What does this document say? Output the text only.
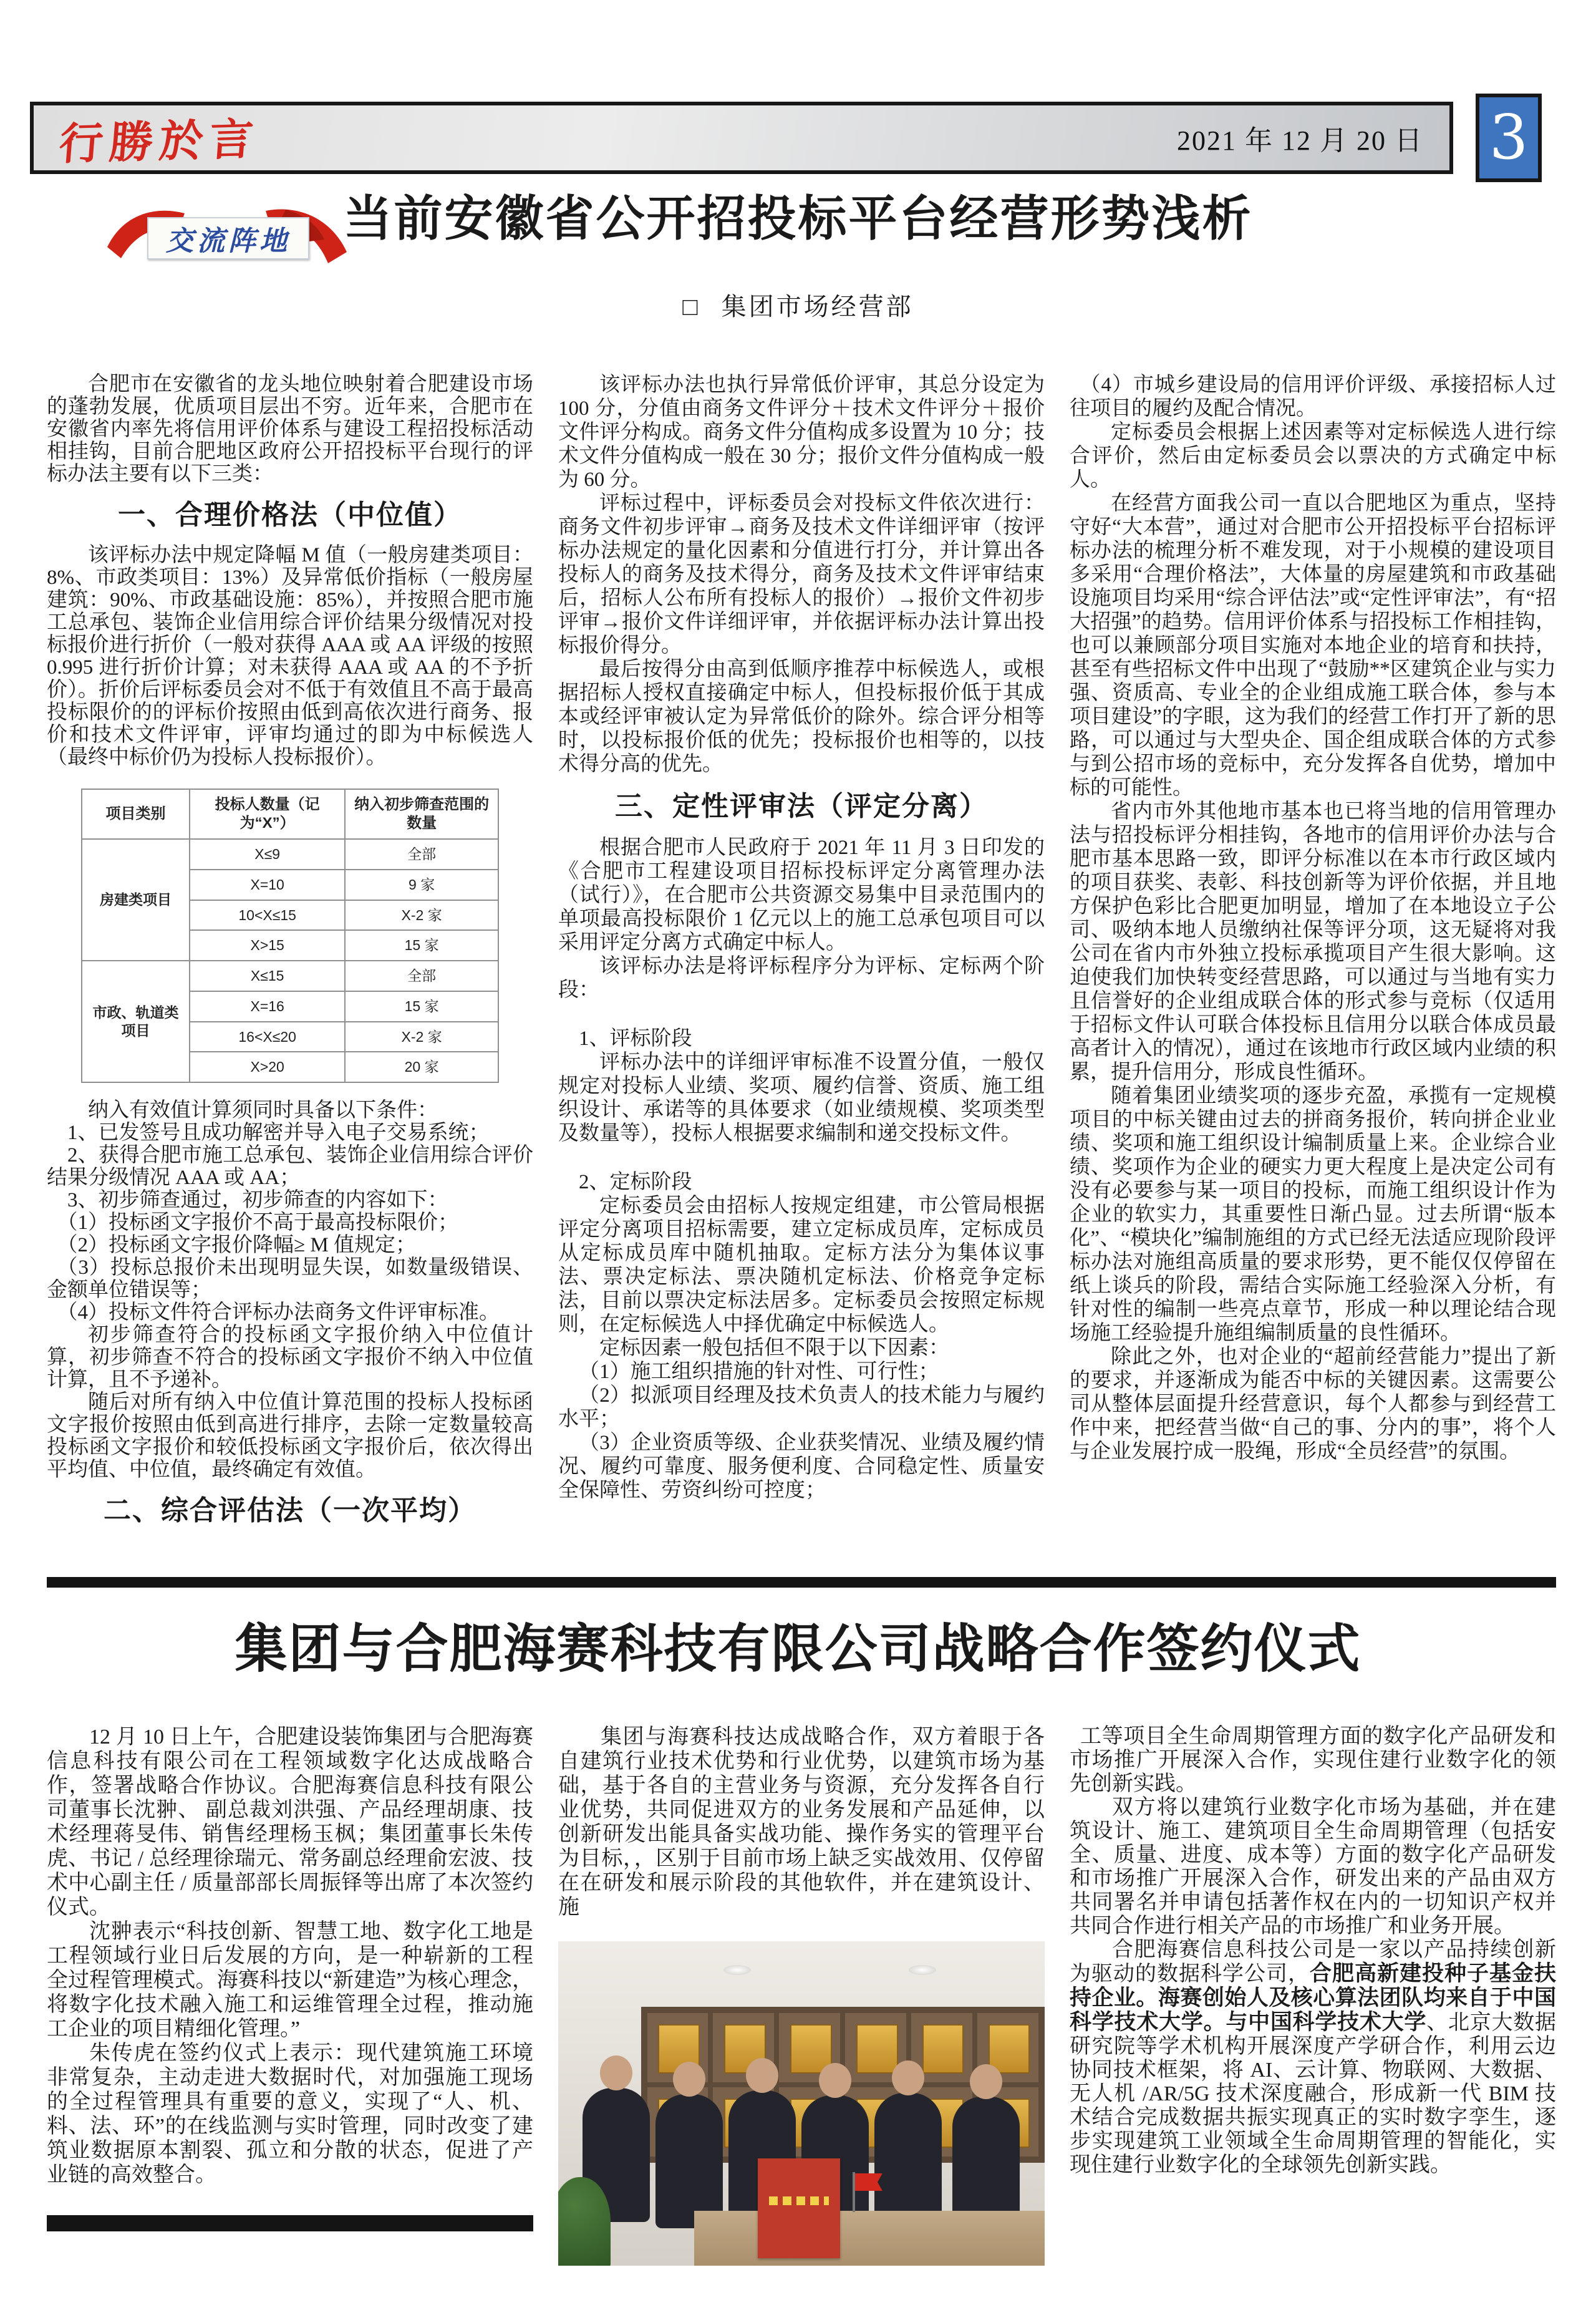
行勝於言	2021 年 12 月 20 日 3
当前安徽省公开招投标平台经营形势浅析
交流阵地
□ 集团市场经营部

合肥市在安徽省的龙头地位映射着合肥建设市场的蓬勃发展，优质项目层出不穷。近年来，合肥市在安徽省内率先将信用评价体系与建设工程招投标活动相挂钩，目前合肥地区政府公开招投标平台现行的评标办法主要有以下三类：

一、合理价格法（中位值）

该评标办法中规定降幅 M 值（一般房建类项目：8%、市政类项目：13%）及异常低价指标（一般房屋建筑：90%、市政基础设施：85%），并按照合肥市施工总承包、装饰企业信用综合评价结果分级情况对投标报价进行折价（一般对获得 AAA 或 AA 评级的按照 0.995 进行折价计算；对未获得 AAA 或 AA 的不予折价）。折价后评标委员会对不低于有效值且不高于最高投标限价的的评标价按照由低到高依次进行商务、报价和技术文件评审，评审均通过的即为中标候选人（最终中标价仍为投标人投标报价）。

项目类别	投标人数量（记为“X”）	纳入初步筛查范围的数量
房建类项目	X≤9	全部
	X=10	9 家
	10<X≤15	X-2 家
	X>15	15 家
市政、轨道类项目	X≤15	全部
	X=16	15 家
	16<X≤20	X-2 家
	X>20	20 家

纳入有效值计算须同时具备以下条件：

1、已发签号且成功解密并导入电子交易系统；

2、获得合肥市施工总承包、装饰企业信用综合评价结果分级情况 AAA 或 AA；

3、初步筛查通过，初步筛查的内容如下：

（1）投标函文字报价不高于最高投标限价；

（2）投标函文字报价降幅≥ M 值规定；

（3）投标总报价未出现明显失误，如数量级错误、金额单位错误等；

（4）投标文件符合评标办法商务文件评审标准。

初步筛查符合的投标函文字报价纳入中位值计算，初步筛查不符合的投标函文字报价不纳入中位值计算，且不予递补。

随后对所有纳入中位值计算范围的投标人投标函文字报价按照由低到高进行排序，去除一定数量较高投标函文字报价和较低投标函文字报价后，依次得出平均值、中位值，最终确定有效值。

二、综合评估法（一次平均）

该评标办法也执行异常低价评审，其总分设定为 100 分，分值由商务文件评分＋技术文件评分＋报价文件评分构成。商务文件分值构成多设置为 10 分；技术文件分值构成一般在 30 分；报价文件分值构成一般为 60 分。

评标过程中，评标委员会对投标文件依次进行：商务文件初步评审→商务及技术文件详细评审（按评标办法规定的量化因素和分值进行打分，并计算出各投标人的商务及技术得分，商务及技术文件评审结束后，招标人公布所有投标人的报价）→报价文件初步评审→报价文件详细评审，并依据评标办法计算出投标报价得分。

最后按得分由高到低顺序推荐中标候选人，或根据招标人授权直接确定中标人，但投标报价低于其成本或经评审被认定为异常低价的除外。综合评分相等时，以投标报价低的优先；投标报价也相等的，以技术得分高的优先。

三、定性评审法（评定分离）

根据合肥市人民政府于 2021 年 11 月 3 日印发的《合肥市工程建设项目招标投标评定分离管理办法（试行）》，在合肥市公共资源交易集中目录范围内的单项最高投标限价 1 亿元以上的施工总承包项目可以采用评定分离方式确定中标人。

该评标办法是将评标程序分为评标、定标两个阶段：

1、评标阶段

评标办法中的详细评审标准不设置分值，一般仅规定对投标人业绩、奖项、履约信誉、资质、施工组织设计、承诺等的具体要求（如业绩规模、奖项类型及数量等），投标人根据要求编制和递交投标文件。

2、定标阶段

定标委员会由招标人按规定组建，市公管局根据评定分离项目招标需要，建立定标成员库，定标成员从定标成员库中随机抽取。定标方法分为集体议事法、票决定标法、票决随机定标法、价格竞争定标法，目前以票决定标法居多。定标委员会按照定标规则，在定标候选人中择优确定中标候选人。

定标因素一般包括但不限于以下因素：

（1）施工组织措施的针对性、可行性；

（2）拟派项目经理及技术负责人的技术能力与履约水平；

（3）企业资质等级、企业获奖情况、业绩及履约情况、履约可靠度、服务便利度、合同稳定性、质量安全保障性、劳资纠纷可控度；

（4）市城乡建设局的信用评价评级、承接招标人过往项目的履约及配合情况。

定标委员会根据上述因素等对定标候选人进行综合评价，然后由定标委员会以票决的方式确定中标人。

在经营方面我公司一直以合肥地区为重点，坚持守好“大本营”，通过对合肥市公开招投标平台招标评标办法的梳理分析不难发现，对于小规模的建设项目多采用“合理价格法”，大体量的房屋建筑和市政基础设施项目均采用“综合评估法”或“定性评审法”，有“招大招强”的趋势。信用评价体系与招投标工作相挂钩，也可以兼顾部分项目实施对本地企业的培育和扶持，甚至有些招标文件中出现了“鼓励**区建筑企业与实力强、资质高、专业全的企业组成施工联合体，参与本项目建设”的字眼，这为我们的经营工作打开了新的思路，可以通过与大型央企、国企组成联合体的方式参与到公招市场的竞标中，充分发挥各自优势，增加中标的可能性。

省内市外其他地市基本也已将当地的信用管理办法与招投标评分相挂钩，各地市的信用评价办法与合肥市基本思路一致，即评分标准以在本市行政区域内的项目获奖、表彰、科技创新等为评价依据，并且地方保护色彩比合肥更加明显，增加了在本地设立子公司、吸纳本地人员缴纳社保等评分项，这无疑将对我公司在省内市外独立投标承揽项目产生很大影响。这迫使我们加快转变经营思路，可以通过与当地有实力且信誉好的企业组成联合体的形式参与竞标（仅适用于招标文件认可联合体投标且信用分以联合体成员最高者计入的情况），通过在该地市行政区域内业绩的积累，提升信用分，形成良性循环。

随着集团业绩奖项的逐步充盈，承揽有一定规模项目的中标关键由过去的拼商务报价，转向拼企业业绩、奖项和施工组织设计编制质量上来。企业综合业绩、奖项作为企业的硬实力更大程度上是决定公司有没有必要参与某一项目的投标，而施工组织设计作为企业的软实力，其重要性日渐凸显。过去所谓“版本化”、“模块化”编制施组的方式已经无法适应现阶段评标办法对施组高质量的要求形势，更不能仅仅停留在纸上谈兵的阶段，需结合实际施工经验深入分析，有针对性的编制一些亮点章节，形成一种以理论结合现场施工经验提升施组编制质量的良性循环。

除此之外，也对企业的“超前经营能力”提出了新的要求，并逐渐成为能否中标的关键因素。这需要公司从整体层面提升经营意识，每个人都参与到经营工作中来，把经营当做“自己的事、分内的事”，将个人与企业发展拧成一股绳，形成“全员经营”的氛围。

集团与合肥海赛科技有限公司战略合作签约仪式

12 月 10 日上午，合肥建设装饰集团与合肥海赛信息科技有限公司在工程领域数字化达成战略合作，签署战略合作协议。合肥海赛信息科技有限公司董事长沈翀、 副总裁刘洪强、产品经理胡康、技术经理蒋旻伟、销售经理杨玉枫；集团董事长朱传虎、书记 / 总经理徐瑞元、常务副总经理俞宏波、技术中心副主任 / 质量部部长周振铎等出席了本次签约仪式。

沈翀表示“科技创新、智慧工地、数字化工地是工程领域行业日后发展的方向，是一种崭新的工程全过程管理模式。海赛科技以“新建造”为核心理念，将数字化技术融入施工和运维管理全过程，推动施工企业的项目精细化管理。”

朱传虎在签约仪式上表示：现代建筑施工环境非常复杂，主动走进大数据时代，对加强施工现场的全过程管理具有重要的意义，实现了“人、机、料、法、环”的在线监测与实时管理，同时改变了建筑业数据原本割裂、孤立和分散的状态，促进了产业链的高效整合。

集团与海赛科技达成战略合作，双方着眼于各自建筑行业技术优势和行业优势，以建筑市场为基础，基于各自的主营业务与资源，充分发挥各自行业优势，共同促进双方的业务发展和产品延伸，以创新研发出能具备实战功能、操作务实的管理平台为目标，，区别于目前市场上缺乏实战效用、仅停留在在研发和展示阶段的其他软件，并在建筑设计、施

工等项目全生命周期管理方面的数字化产品研发和市场推广开展深入合作，实现住建行业数字化的领先创新实践。

双方将以建筑行业数字化市场为基础，并在建筑设计、施工、建筑项目全生命周期管理（包括安全、质量、进度、成本等）方面的数字化产品研发和市场推广开展深入合作，研发出来的产品由双方共同署名并申请包括著作权在内的一切知识产权并共同合作进行相关产品的市场推广和业务开展。

合肥海赛信息科技公司是一家以产品持续创新为驱动的数据科学公司，合肥高新建投种子基金扶持企业。海赛创始人及核心算法团队均来自于中国科学技术大学。与中国科学技术大学、北京大数据研究院等学术机构开展深度产学研合作，利用云边协同技术框架，将 AI、云计算、物联网、大数据、无人机 /AR/5G 技术深度融合，形成新一代 BIM 技术结合完成数据共振实现真正的实时数字孪生，逐步实现建筑工业领域全生命周期管理的智能化，实现住建行业数字化的全球领先创新实践。
